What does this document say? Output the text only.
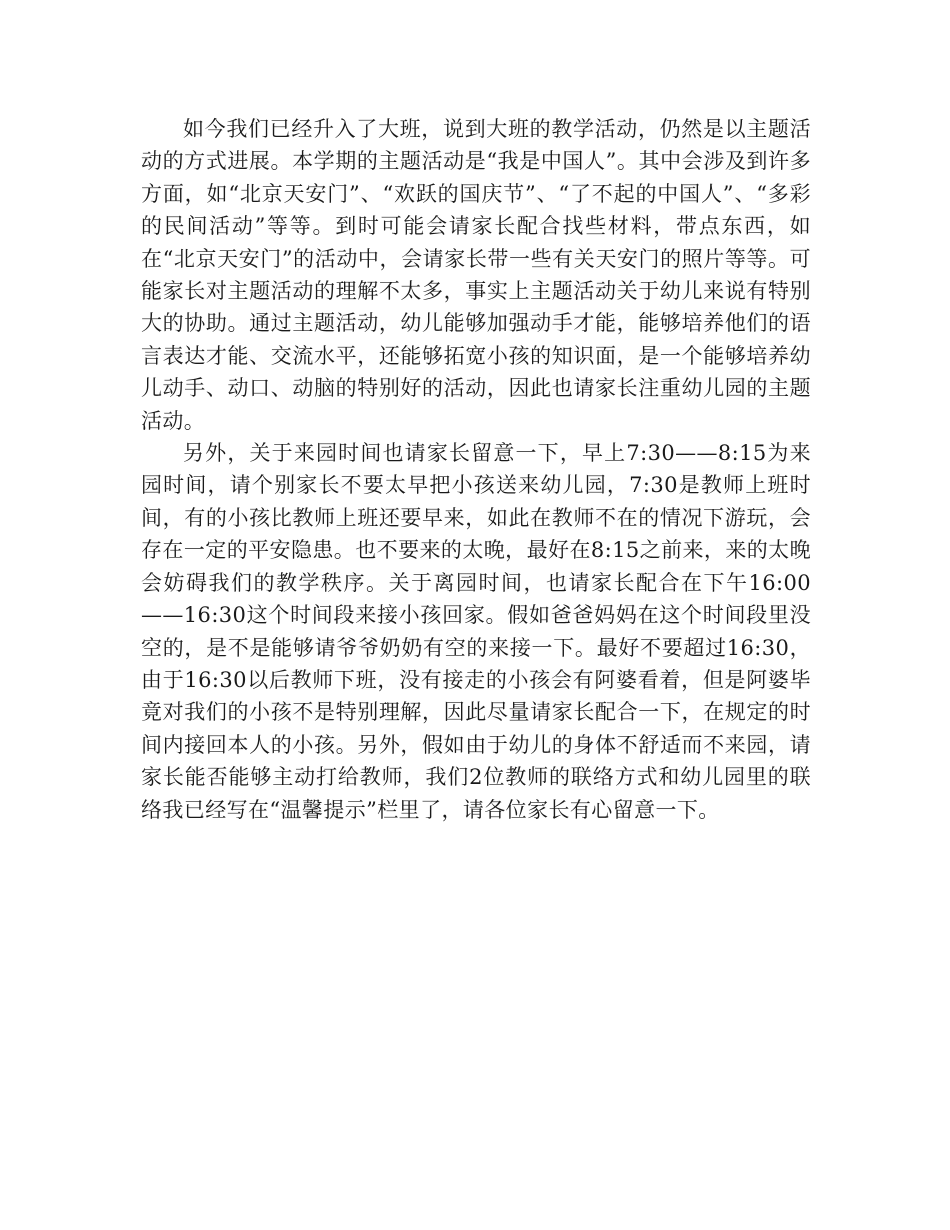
如今我们已经升入了大班，说到大班的教学活动，仍然是以主题活动的方式进展。本学期的主题活动是“我是中国人”。其中会涉及到许多方面，如“北京天安门”、“欢跃的国庆节”、“了不起的中国人”、“多彩的民间活动”等等。到时可能会请家长配合找些材料，带点东西，如在“北京天安门”的活动中，会请家长带一些有关天安门的照片等等。可能家长对主题活动的理解不太多，事实上主题活动关于幼儿来说有特别大的协助。通过主题活动，幼儿能够加强动手才能，能够培养他们的语言表达才能、交流水平，还能够拓宽小孩的知识面，是一个能够培养幼儿动手、动口、动脑的特别好的活动，因此也请家长注重幼儿园的主题活动。

另外，关于来园时间也请家长留意一下，早上7:30——8:15为来园时间，请个别家长不要太早把小孩送来幼儿园，7:30是教师上班时间，有的小孩比教师上班还要早来，如此在教师不在的情况下游玩，会存在一定的平安隐患。也不要来的太晚，最好在8:15之前来，来的太晚会妨碍我们的教学秩序。关于离园时间，也请家长配合在下午16:00——16:30这个时间段来接小孩回家。假如爸爸妈妈在这个时间段里没空的，是不是能够请爷爷奶奶有空的来接一下。最好不要超过16:30，由于16:30以后教师下班，没有接走的小孩会有阿婆看着，但是阿婆毕竟对我们的小孩不是特别理解，因此尽量请家长配合一下，在规定的时间内接回本人的小孩。另外，假如由于幼儿的身体不舒适而不来园，请家长能否能够主动打给教师，我们2位教师的联络方式和幼儿园里的联络我已经写在“温馨提示”栏里了，请各位家长有心留意一下。
